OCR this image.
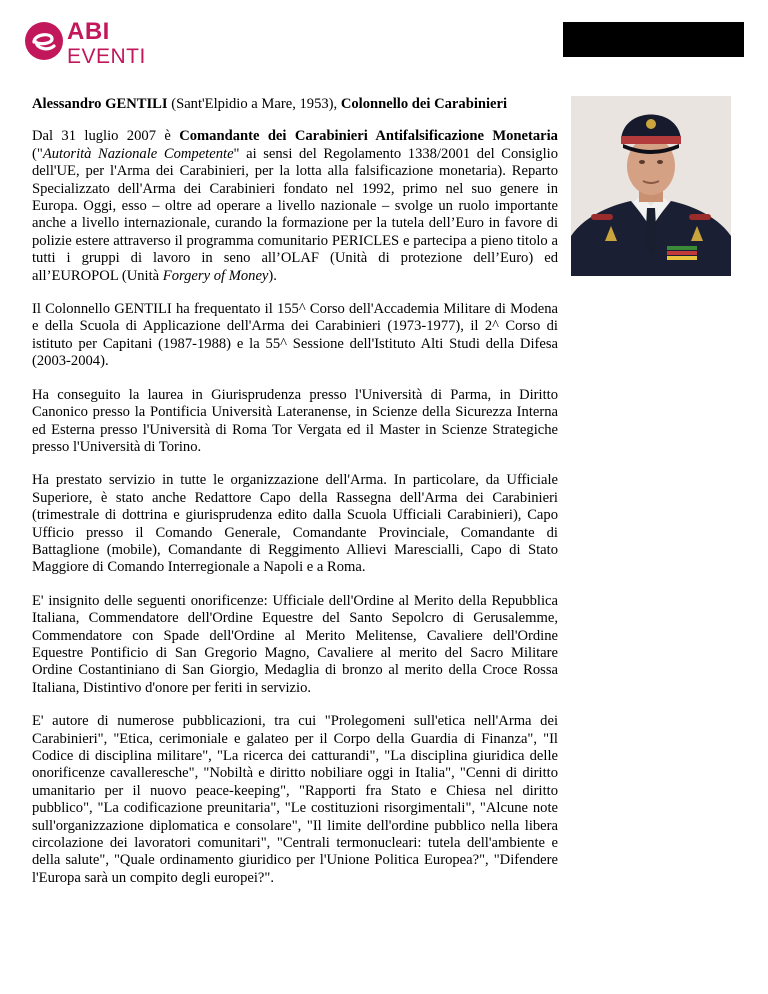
ABI
EVENTI

Alessandro GENTILI (Sant'Elpidio a Mare, 1953), Colonnello dei Carabinieri

Dal 31 luglio 2007 è Comandante dei Carabinieri Antifalsificazione Monetaria ("Autorità Nazionale Competente" ai sensi del Regolamento 1338/2001 del Consiglio dell'UE, per l'Arma dei Carabinieri, per la lotta alla falsificazione monetaria). Reparto Specializzato dell'Arma dei Carabinieri fondato nel 1992, primo nel suo genere in Europa. Oggi, esso – oltre ad operare a livello nazionale – svolge un ruolo importante anche a livello internazionale, curando la formazione per la tutela dell’Euro in favore di polizie estere attraverso il programma comunitario PERICLES e partecipa a pieno titolo a tutti i gruppi di lavoro in seno all’OLAF (Unità di protezione dell’Euro) ed all’EUROPOL (Unità Forgery of Money).

Il Colonnello GENTILI ha frequentato il 155^ Corso dell'Accademia Militare di Modena e della Scuola di Applicazione dell'Arma dei Carabinieri (1973-1977), il 2^ Corso di istituto per Capitani (1987-1988) e la 55^ Sessione dell'Istituto Alti Studi della Difesa (2003-2004).

Ha conseguito la laurea in Giurisprudenza presso l'Università di Parma, in Diritto Canonico presso la Pontificia Università Lateranense, in Scienze della Sicurezza Interna ed Esterna presso l'Università di Roma Tor Vergata ed il Master in Scienze Strategiche presso l'Università di Torino.

Ha prestato servizio in tutte le organizzazione dell'Arma. In particolare, da Ufficiale Superiore, è stato anche Redattore Capo della Rassegna dell'Arma dei Carabinieri (trimestrale di dottrina e giurisprudenza edito dalla Scuola Ufficiali Carabinieri), Capo Ufficio presso il Comando Generale, Comandante Provinciale, Comandante di Battaglione (mobile), Comandante di Reggimento Allievi Marescialli, Capo di Stato Maggiore di Comando Interregionale a Napoli e a Roma.

E' insignito delle seguenti onorificenze: Ufficiale dell'Ordine al Merito della Repubblica Italiana, Commendatore dell'Ordine Equestre del Santo Sepolcro di Gerusalemme, Commendatore con Spade dell'Ordine al Merito Melitense, Cavaliere dell'Ordine Equestre Pontificio di San Gregorio Magno, Cavaliere al merito del Sacro Militare Ordine Costantiniano di San Giorgio, Medaglia di bronzo al merito della Croce Rossa Italiana, Distintivo d'onore per feriti in servizio.

E' autore di numerose pubblicazioni, tra cui "Prolegomeni sull'etica nell'Arma dei Carabinieri", "Etica, cerimoniale e galateo per il Corpo della Guardia di Finanza", "Il Codice di disciplina militare", "La ricerca dei catturandi", "La disciplina giuridica delle onorificenze cavalleresche", "Nobiltà e diritto nobiliare oggi in Italia", "Cenni di diritto umanitario per il nuovo peace-keeping", "Rapporti fra Stato e Chiesa nel diritto pubblico", "La codificazione preunitaria", "Le costituzioni risorgimentali", "Alcune note sull'organizzazione diplomatica e consolare", "Il limite dell'ordine pubblico nella libera circolazione dei lavoratori comunitari", "Centrali termonucleari: tutela dell'ambiente e della salute", "Quale ordinamento giuridico per l'Unione Politica Europea?", "Difendere l'Europa sarà un compito degli europei?".
